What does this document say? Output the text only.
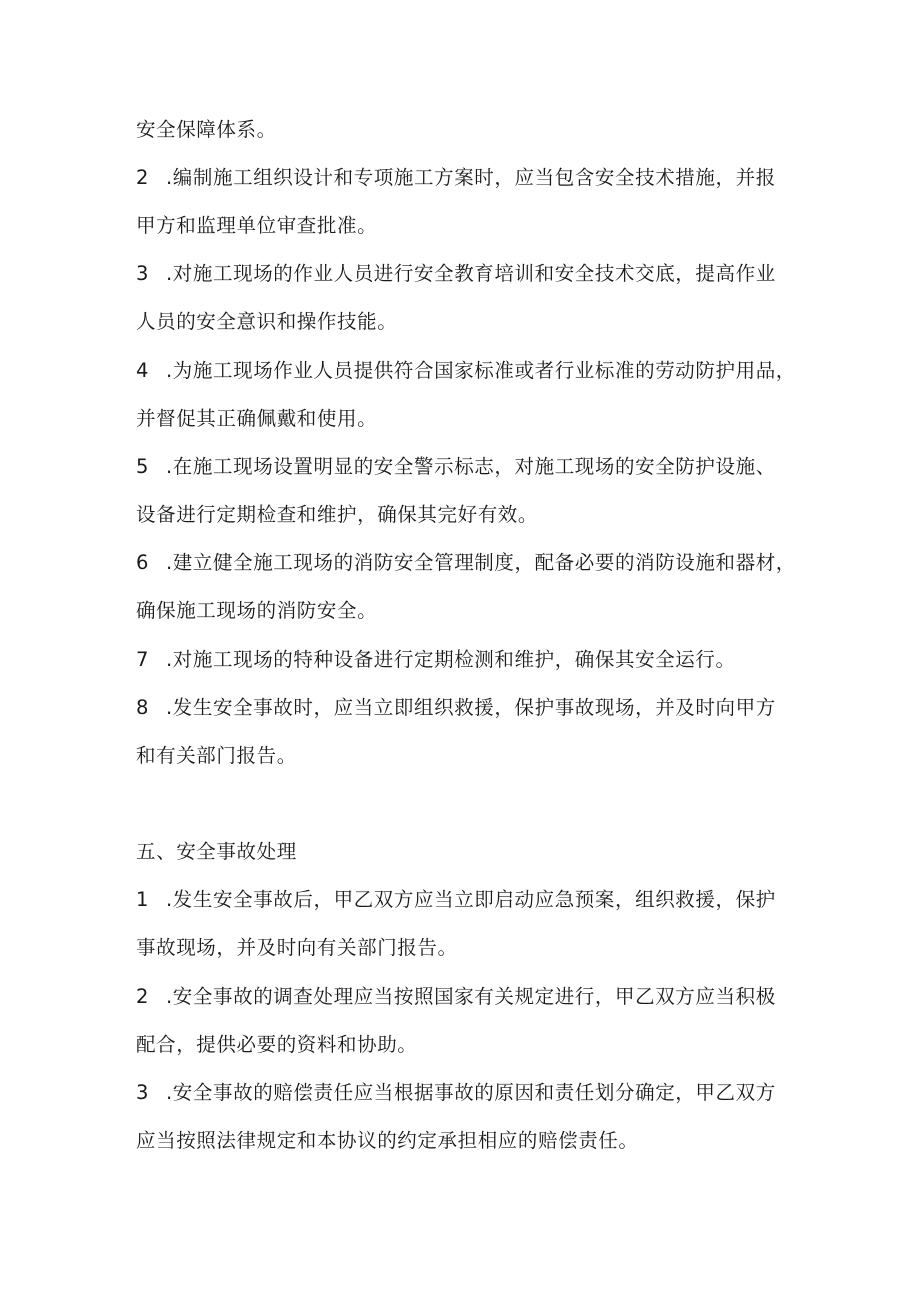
安全保障体系。
2 .编制施工组织设计和专项施工方案时，应当包含安全技术措施，并报
甲方和监理单位审查批准。
3 .对施工现场的作业人员进行安全教育培训和安全技术交底，提高作业
人员的安全意识和操作技能。
4 .为施工现场作业人员提供符合国家标准或者行业标准的劳动防护用品，
并督促其正确佩戴和使用。
5 .在施工现场设置明显的安全警示标志，对施工现场的安全防护设施、
设备进行定期检查和维护，确保其完好有效。
6 .建立健全施工现场的消防安全管理制度，配备必要的消防设施和器材，
确保施工现场的消防安全。
7 .对施工现场的特种设备进行定期检测和维护，确保其安全运行。
8 .发生安全事故时，应当立即组织救援，保护事故现场，并及时向甲方
和有关部门报告。
五、安全事故处理
1 .发生安全事故后，甲乙双方应当立即启动应急预案，组织救援，保护
事故现场，并及时向有关部门报告。
2 .安全事故的调查处理应当按照国家有关规定进行，甲乙双方应当积极
配合，提供必要的资料和协助。
3 .安全事故的赔偿责任应当根据事故的原因和责任划分确定，甲乙双方
应当按照法律规定和本协议的约定承担相应的赔偿责任。
